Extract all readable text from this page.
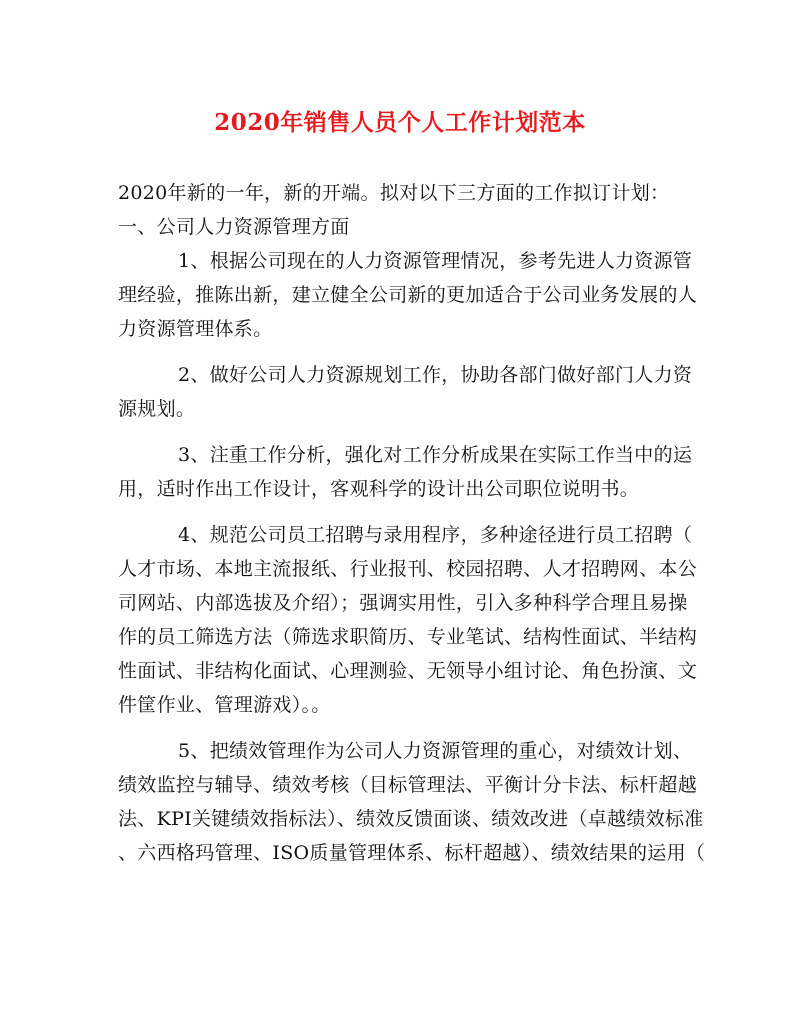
2020年销售人员个人工作计划范本
2020年新的一年，新的开端。拟对以下三方面的工作拟订计划：
一、公司人力资源管理方面
1、根据公司现在的人力资源管理情况，参考先进人力资源管
理经验，推陈出新，建立健全公司新的更加适合于公司业务发展的人
力资源管理体系。
2、做好公司人力资源规划工作，协助各部门做好部门人力资
源规划。
3、注重工作分析，强化对工作分析成果在实际工作当中的运
用，适时作出工作设计，客观科学的设计出公司职位说明书。
4、规范公司员工招聘与录用程序，多种途径进行员工招聘（
人才市场、本地主流报纸、行业报刊、校园招聘、人才招聘网、本公
司网站、内部选拔及介绍）；强调实用性，引入多种科学合理且易操
作的员工筛选方法（筛选求职简历、专业笔试、结构性面试、半结构
性面试、非结构化面试、心理测验、无领导小组讨论、角色扮演、文
件筐作业、管理游戏）。。
5、把绩效管理作为公司人力资源管理的重心，对绩效计划、
绩效监控与辅导、绩效考核（目标管理法、平衡计分卡法、标杆超越
法、KPI关键绩效指标法）、绩效反馈面谈、绩效改进（卓越绩效标准
、六西格玛管理、ISO质量管理体系、标杆超越）、绩效结果的运用（
